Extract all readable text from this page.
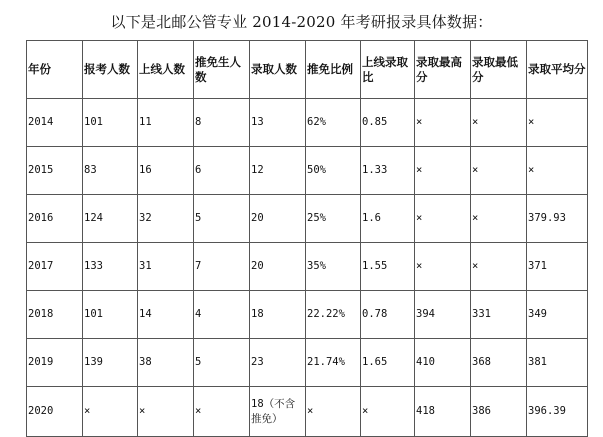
以下是北邮公管专业 2014-2020 年考研报录具体数据：
年份	报考人数	上线人数	推免生人数	录取人数	推免比例	上线录取比	录取最高分	录取最低分	录取平均分
2014	101	11	8	13	62%	0.85	×	×	×
2015	83	16	6	12	50%	1.33	×	×	×
2016	124	32	5	20	25%	1.6	×	×	379.93
2017	133	31	7	20	35%	1.55	×	×	371
2018	101	14	4	18	22.22%	0.78	394	331	349
2019	139	38	5	23	21.74%	1.65	410	368	381
2020	×	×	×	18（不含推免）	×	×	418	386	396.39
